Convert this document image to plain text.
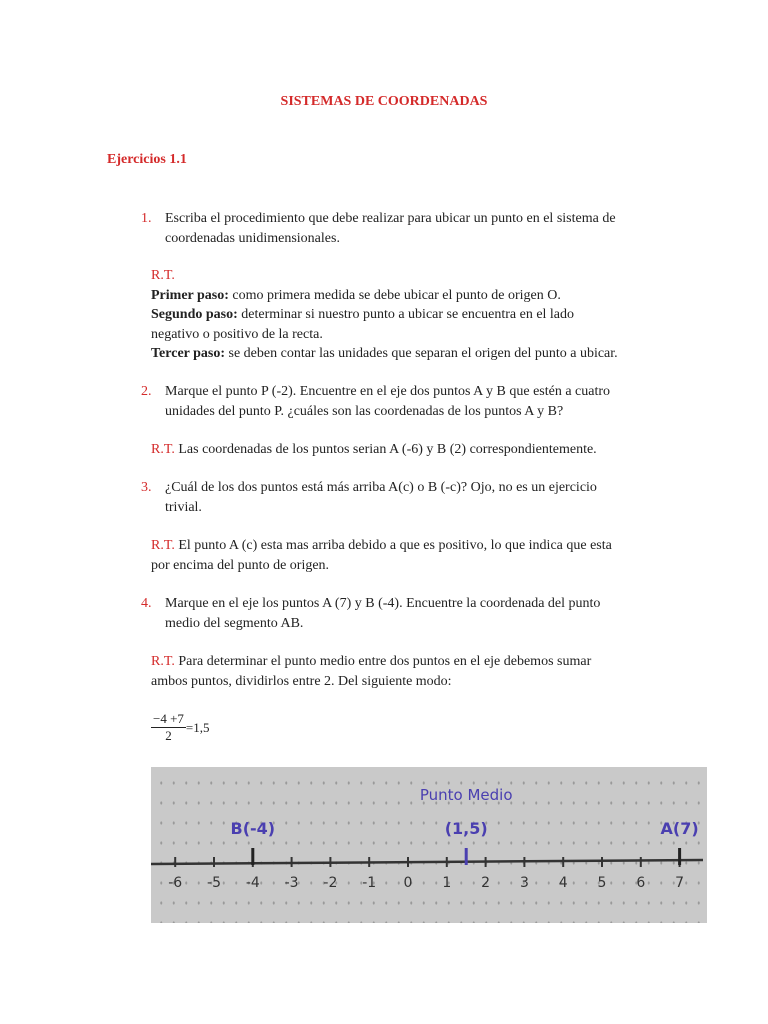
SISTEMAS DE COORDENADAS
Ejercicios 1.1
1. Escriba el procedimiento que debe realizar para ubicar un punto en el sistema de
coordenadas unidimensionales.
R.T.
Primer paso: como primera medida se debe ubicar el punto de origen O.
Segundo paso: determinar si nuestro punto a ubicar se encuentra en el lado
negativo o positivo de la recta.
Tercer paso: se deben contar las unidades que separan el origen del punto a ubicar.
2. Marque el punto P (-2). Encuentre en el eje dos puntos A y B que estén a cuatro
unidades del punto P. ¿cuáles son las coordenadas de los puntos A y B?
R.T. Las coordenadas de los puntos serian A (-6) y B (2) correspondientemente.
3. ¿Cuál de los dos puntos está más arriba A(c) o B (-c)? Ojo, no es un ejercicio
trivial.
R.T. El punto A (c) esta mas arriba debido a que es positivo, lo que indica que esta
por encima del punto de origen.
4. Marque en el eje los puntos A (7) y B (-4). Encuentre la coordenada del punto
medio del segmento AB.
R.T. Para determinar el punto medio entre dos puntos en el eje debemos sumar
ambos puntos, dividirlos entre 2. Del siguiente modo:
$\frac{-4 +7}{2} =1,5$
-6 -5 -4 -3 -2 -1 0 1 2 3 4 5 6 7
Punto Medio
B(-4)	(1,5)	A(7)
